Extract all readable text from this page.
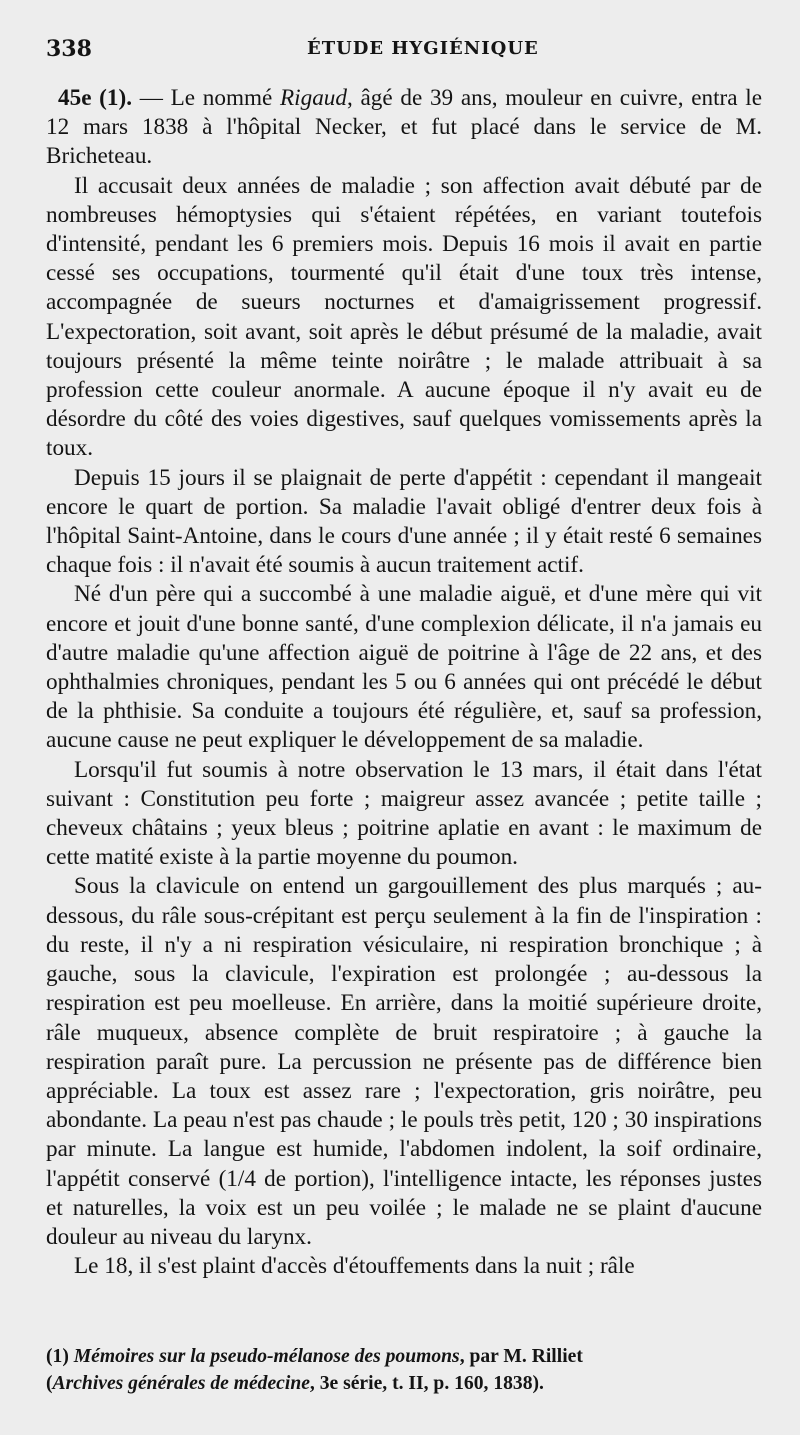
338	ÉTUDE HYGIÉNIQUE

45e (1). — Le nommé Rigaud, âgé de 39 ans, mouleur en cuivre, entra le 12 mars 1838 à l'hôpital Necker, et fut placé dans le service de M. Bricheteau.

Il accusait deux années de maladie ; son affection avait débuté par de nombreuses hémoptysies qui s'étaient répétées, en variant toutefois d'intensité, pendant les 6 premiers mois. Depuis 16 mois il avait en partie cessé ses occupations, tourmenté qu'il était d'une toux très intense, accompagnée de sueurs nocturnes et d'amaigrissement progressif. L'expectoration, soit avant, soit après le début présumé de la maladie, avait toujours présenté la même teinte noirâtre ; le malade attribuait à sa profession cette couleur anormale. A aucune époque il n'y avait eu de désordre du côté des voies digestives, sauf quelques vomissements après la toux.

Depuis 15 jours il se plaignait de perte d'appétit : cependant il mangeait encore le quart de portion. Sa maladie l'avait obligé d'entrer deux fois à l'hôpital Saint-Antoine, dans le cours d'une année ; il y était resté 6 semaines chaque fois : il n'avait été soumis à aucun traitement actif.

Né d'un père qui a succombé à une maladie aiguë, et d'une mère qui vit encore et jouit d'une bonne santé, d'une complexion délicate, il n'a jamais eu d'autre maladie qu'une affection aiguë de poitrine à l'âge de 22 ans, et des ophthalmies chroniques, pendant les 5 ou 6 années qui ont précédé le début de la phthisie. Sa conduite a toujours été régulière, et, sauf sa profession, aucune cause ne peut expliquer le développement de sa maladie.

Lorsqu'il fut soumis à notre observation le 13 mars, il était dans l'état suivant : Constitution peu forte ; maigreur assez avancée ; petite taille ; cheveux châtains ; yeux bleus ; poitrine aplatie en avant : le maximum de cette matité existe à la partie moyenne du poumon.

Sous la clavicule on entend un gargouillement des plus marqués ; au-dessous, du râle sous-crépitant est perçu seulement à la fin de l'inspiration : du reste, il n'y a ni respiration vésiculaire, ni respiration bronchique ; à gauche, sous la clavicule, l'expiration est prolongée ; au-dessous la respiration est peu moelleuse. En arrière, dans la moitié supérieure droite, râle muqueux, absence complète de bruit respiratoire ; à gauche la respiration paraît pure. La percussion ne présente pas de différence bien appréciable. La toux est assez rare ; l'expectoration, gris noirâtre, peu abondante. La peau n'est pas chaude ; le pouls très petit, 120 ; 30 inspirations par minute. La langue est humide, l'abdomen indolent, la soif ordinaire, l'appétit conservé (1/4 de portion), l'intelligence intacte, les réponses justes et naturelles, la voix est un peu voilée ; le malade ne se plaint d'aucune douleur au niveau du larynx.

Le 18, il s'est plaint d'accès d'étouffements dans la nuit ; râle

(1) Mémoires sur la pseudo-mélanose des poumons, par M. Rilliet
(Archives générales de médecine, 3e série, t. II, p. 160, 1838).
